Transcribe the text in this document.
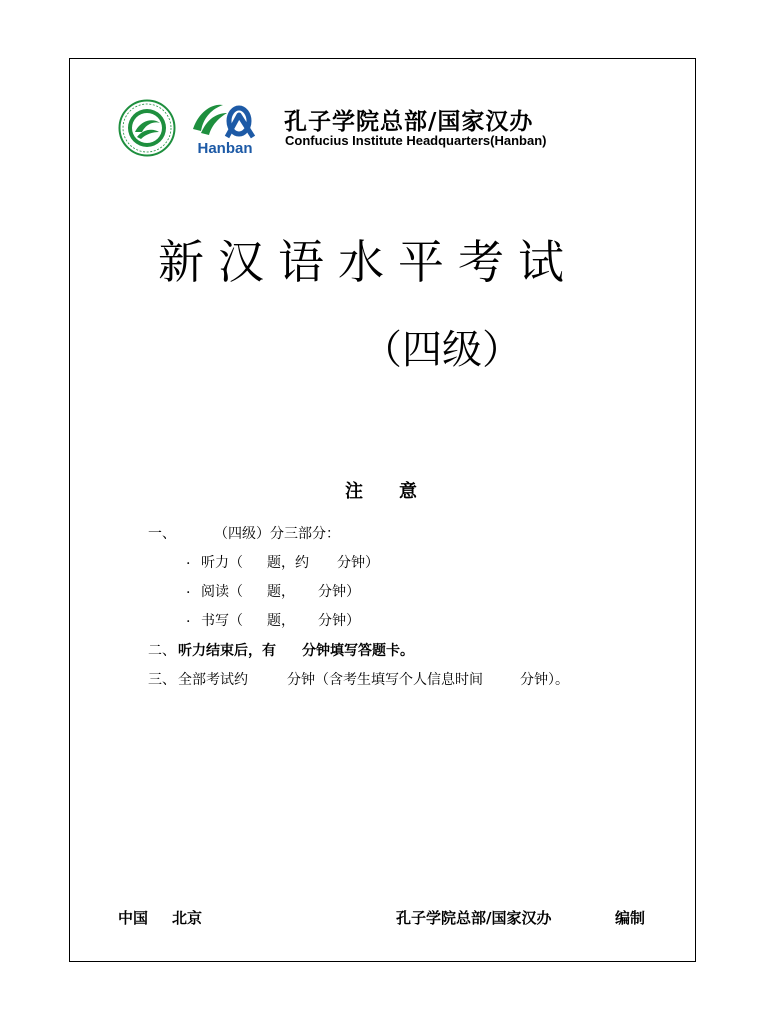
Hanban
孔子学院总部/国家汉办
Confucius Institute Headquarters(Hanban)
新汉语水平考试
（四级）
注 意
一、	（四级）分三部分：
. 听力（ 题，约 分钟）
. 阅读（ 题， 分钟）
. 书写（ 题， 分钟）
二、 听力结束后，有 分钟填写答题卡。
三、 全部考试约	分钟（含考生填写个人信息时间	分钟）。
中国 北京	孔子学院总部/国家汉办	编制
